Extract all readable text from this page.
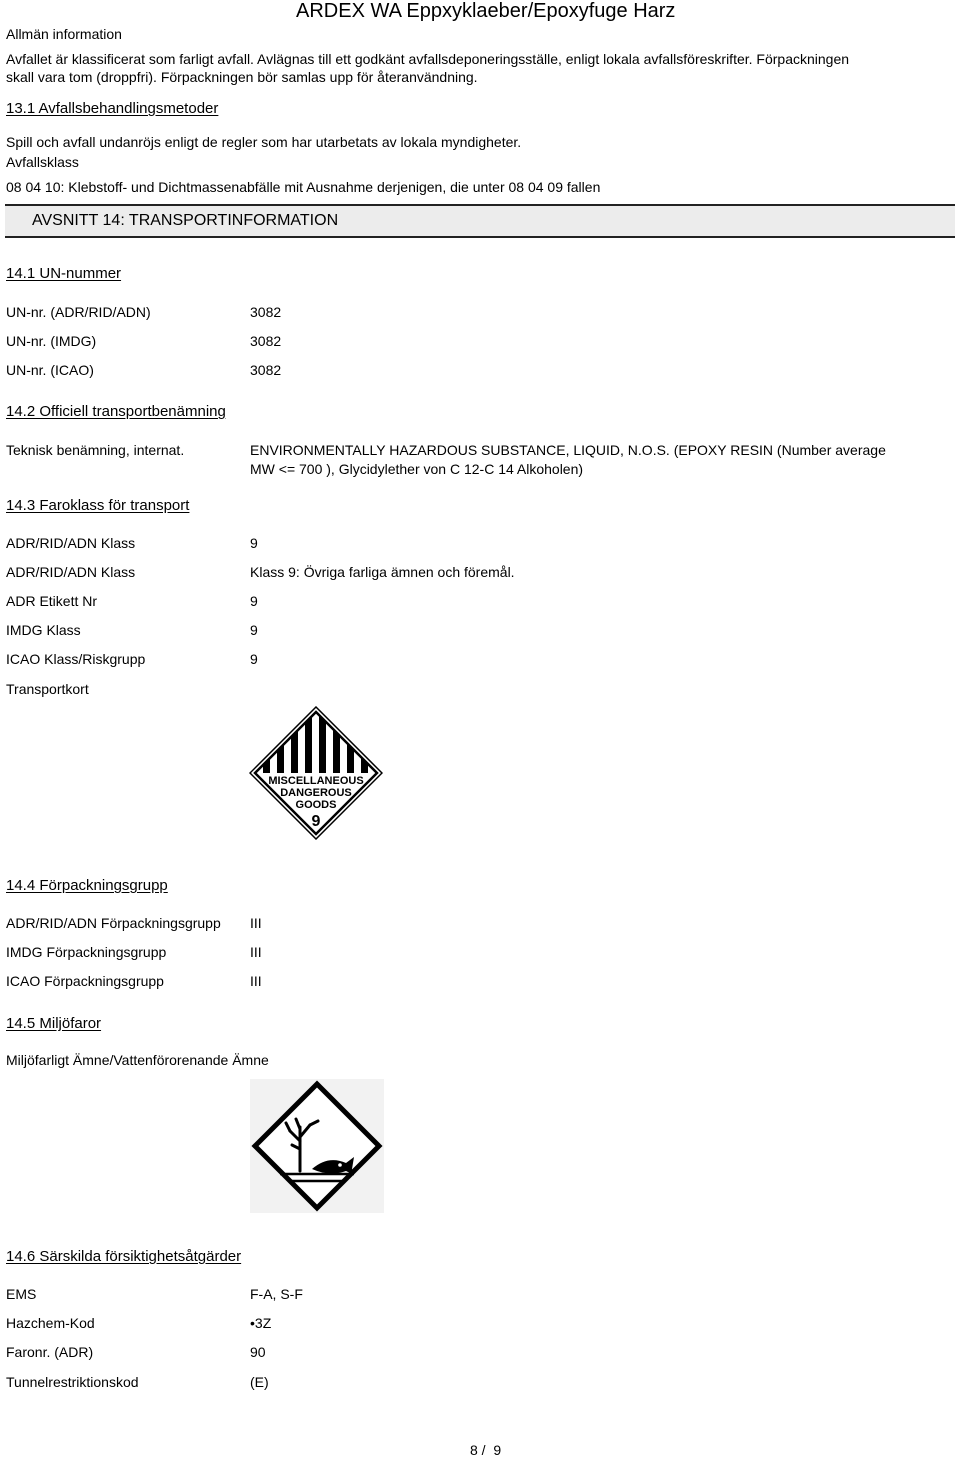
Allmän information
ARDEX WA Eppxyklaeber/Epoxyfuge Harz
Avfallet är klassificerat som farligt avfall. Avlägnas till ett godkänt avfallsdeponeringsställe, enligt lokala avfallsföreskrifter. Förpackningen
skall vara tom (droppfri). Förpackningen bör samlas upp för återanvändning.
13.1 Avfallsbehandlingsmetoder
Spill och avfall undanröjs enligt de regler som har utarbetats av lokala myndigheter.
Avfallsklass
08 04 10: Klebstoff- und Dichtmassenabfälle mit Ausnahme derjenigen, die unter 08 04 09 fallen
AVSNITT 14: TRANSPORTINFORMATION
14.1 UN-nummer
UN-nr. (ADR/RID/ADN)	3082
UN-nr. (IMDG)	3082
UN-nr. (ICAO)	3082
14.2 Officiell transportbenämning
Teknisk benämning, internat.	ENVIRONMENTALLY HAZARDOUS SUBSTANCE, LIQUID, N.O.S. (EPOXY RESIN (Number average
MW <= 700 ), Glycidylether von C 12-C 14 Alkoholen)
14.3 Faroklass för transport
ADR/RID/ADN Klass	9
ADR/RID/ADN Klass	Klass 9: Övriga farliga ämnen och föremål.
ADR Etikett Nr	9
IMDG Klass	9
ICAO Klass/Riskgrupp	9
Transportkort
MISCELLANEOUS
DANGEROUS
GOODS
9
14.4 Förpackningsgrupp
ADR/RID/ADN Förpackningsgrupp III
IMDG Förpackningsgrupp	III
ICAO Förpackningsgrupp	III
14.5 Miljöfaror
Miljöfarligt Ämne/Vattenförorenande Ämne
14.6 Särskilda försiktighetsåtgärder
EMS	F-A, S-F
Hazchem-Kod	•3Z
Faronr. (ADR)	90
Tunnelrestriktionskod	(E)
8 /  9
